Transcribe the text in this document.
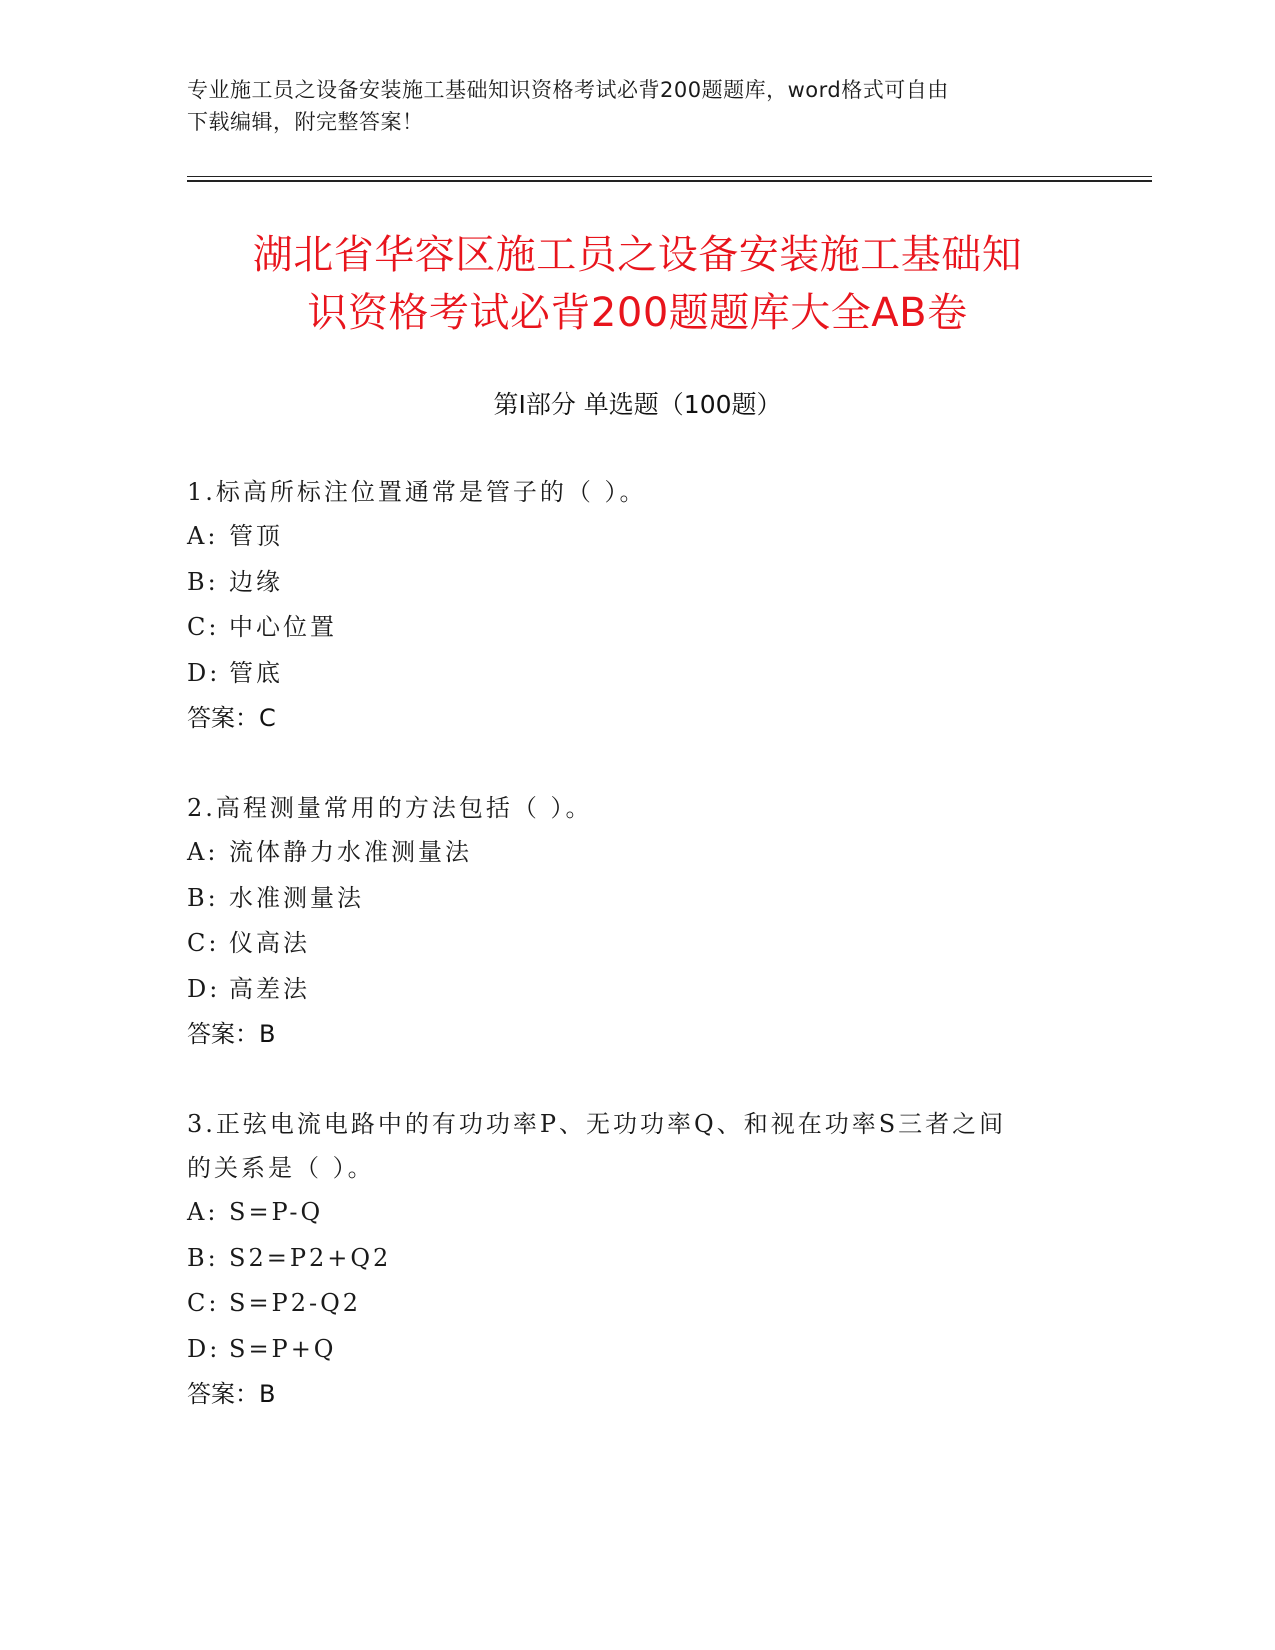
专业施工员之设备安装施工基础知识资格考试必背200题题库，word格式可自由
下载编辑，附完整答案！
湖北省华容区施工员之设备安装施工基础知
识资格考试必背200题题库大全AB卷
第Ⅰ部分 单选题（100题）
1.标高所标注位置通常是管子的（ ）。
A: 管顶
B: 边缘
C: 中心位置
D: 管底
答案：C
2.高程测量常用的方法包括（ ）。
A: 流体静力水准测量法
B: 水准测量法
C: 仪高法
D: 高差法
答案：B
3.正弦电流电路中的有功功率P、无功功率Q、和视在功率S三者之间
的关系是（ ）。
A: S=P-Q
B: S2=P2+Q2
C: S=P2-Q2
D: S=P+Q
答案：B
